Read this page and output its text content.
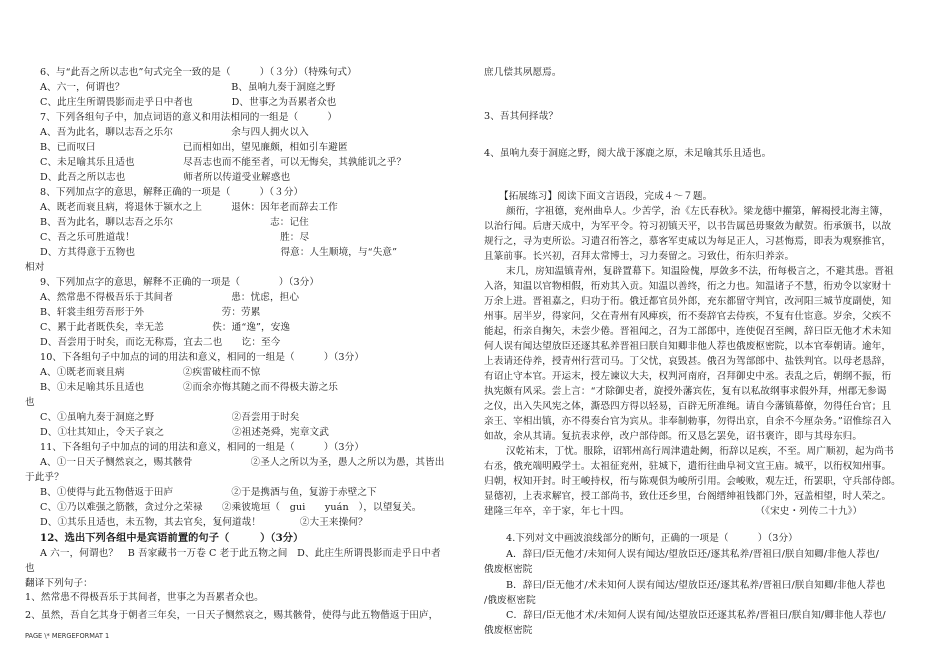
6、与“此吾之所以志也”句式完全一致的是（　　　）（３分）（特殊句式）
A、六一，何谓也？　　　　　　　　　　　B、虽响九奏于洞庭之野
C、此庄生所谓畏影而走乎日中者也　　　　D、世事之为吾累者众也
7、下列各组句子中，加点词语的意义和用法相同的一组是（　　　）
A、吾为此名，聊以志吾之乐尔　　　　　　余与四人拥火以入
B、已而叹曰　　　　　　　　　已而相如出，望见廉颇，相如引车避匿
C、未足喻其乐且适也　　　　　尽吾志也而不能至者，可以无悔矣，其孰能讥之乎？
D、此吾之所以志也　　　　　　师者所以传道受业解惑也
8、下列加点字的意思，解释正确的一项是（　　　）（３分）
A、既老而衰且病，将退休于颍水之上　　　退休：因年老而辞去工作
B、吾为此名，聊以志吾之乐尔　　　　　　　　　　志：记住
C、吾之乐可胜道哉！　　　　　　　　　　　　　　　胜：尽
D、方其得意于五物也　　　　　　　　　　　　　　　得意：人生顺境，与“失意”
相对
9、下列加点字的意思，解释不正确的一项是（　　　　）（3分）
A、然常患不得极吾乐于其间者　　　　　　患：忧虑，担心
B、轩裳圭组劳吾形于外　　　　　　　　劳：劳累
C、累于此者既佚矣，幸无恙　　　　　佚：通“逸”，安逸
D、吾尝用于时矣，而讫无称焉，宜去二也　　讫：至今
10、下各组句子中加点的词的用法和意义，相同的一组是（　　　）（3分）
A、①既老而衰且病　　　　　　②疾雷破柱而不惊
B、①未足喻其乐且适也　　　　②而余亦悔其随之而不得极夫游之乐
也
C、①虽响九奏于洞庭之野　　　　　　　　②吾尝用于时矣
D、①壮其知止，令天子哀之　　　　　　　②祖述尧舜，宪章文武
11、下各组句子中加点的词的用法和意义，相同的一组是（　　　）（3分）
A、①一日天子恻然哀之，赐其骸骨　　　　　　②圣人之所以为圣，愚人之所以为愚，其皆出
于此乎？
B、①使得与此五物偕返于田庐　　　　　　②于是携酒与鱼，复游于赤壁之下
C、①乃以难强之筋骸，贪过分之荣禄　　②乘彼垝垣（　gui　　yuán　），以望复关。
D、①其乐且适也，未五物，其去官矣，复何道哉！　　　　②大王来操何？
12、选出下列各组中是宾语前置的句子（　　　）（3分）
A 六一，何谓也？　B 吾家藏书一万卷 C 老于此五物之间　D、此庄生所谓畏影而走乎日中者
也
翻译下列句子：
1、然常患不得极吾乐于其间者，世事之为吾累者众也。
2、虽然，吾自乞其身于朝者三年矣，一日天子恻然哀之，赐其骸骨，使得与此五物偕返于田庐，
庶几偿其夙愿焉。
3、吾其何择哉？
4、虽响九奏于洞庭之野，阅大战于涿鹿之原，未足喻其乐且适也。
【拓展练习】阅读下面文言语段，完成４～７题。
颜衎，字祖德，兖州曲阜人。少苦学，治《左氏春秋》。梁龙德中擢第，解褐授北海主簿，
以治行闻。后唐天成中，为军平令。符习初镇天平，以书告属邑毋聚敛为献贺。衎承颁书，以故
规行之，寻为吏所讼。习遣召衎答之，慕客军吏咸以为每足正人，习甚悔焉，即表为观察推官，
且篆前事。长兴初，召拜太常博士，习力奏留之。习致仕，衎东归养亲。
末几，房知温镇青州，复辟置幕下。知温险傀，厚敛多不法，衎每极言之，不避其患。晋祖
入洛，知温以官物相假，衎劝其入贡。知温以善终，衎之力也。知温诸子不慧，衎劝令以家财十
万余上进。晋祖嘉之，归功于衎。俄迁都官员外郎，充东都留守判官，改河阳三城节度副使，知
州事。居半岁，得家问，父在青州有风痺疾，衎不奏辞官去侍疾，不复有仕宦意。岁余，父疾不
能起，衎亲自掬矢，未尝少倦。晋祖闻之，召为工部郎中，连使促召至阙，辞曰臣无他才术未知
何人误有闻达望放臣还逐其私养晋祖曰朕自知卿非他人荐也俄废枢密院，以本官奉朝请。逾年，
上表请还侍养，授青州行营司马。丁父忧，哀毁甚。俄召为驾部郎中、盐铁判官。以母老恳辞，
有诏止守本官。开运末，授左谏议大夫，权判河南府，召拜御史中丞。表乱之后，朝纲不振，衎
执宪颇有风采。尝上言：“才除御史者，旋授外藩宾佐，复有以私故纲事求假外拜，州郡无参谒
之仪，出入失风宪之体，澌恐四方得以轻易，百辟无所准绳。请自今藩镇幕僚，勿得任台官；且
亲王、宰相出镇，亦不得奏台官为宾从。非奉制勅事，勿得出京，自余不今厘杂务。”诏惟综召入
如故，余从其请。复抗表求停，改户部侍郎。衎又恳乞罢免，诏书褒许，即与其母东归。
汉乾祐末，丁忧。服除，诏郓州高行周津遣赴阙，衎辞以足疾，不至。周广顺初，起为尚书
右丞，俄充端明殿学士。太祖征兖州，驻城下，遣衎往曲阜祠文宣王庙。城平，以衎权知州事。
归朝，权知开封。时王峻持权，衎与陈观俱为峻所引用。会峻败，观左迁，衎罢职，守兵部侍郎。
显德初，上表求解官，授工部尚书，致仕还乡里，台阁缙绅祖钱都门外，冠盖相望，时人荣之。
建隆三年卒，辛于家，年七十四。　　　　　　　　　　　　　　（《宋史・列传二十九》）
4.下列对文中画波浪线部分的断句，正确的一项是（　　　）（3分）
A．辞曰/臣无他才/未知何人误有闻达/望放臣还/逐其私养/晋祖曰/朕自知卿/非他人荐也/
俄废枢密院
B．辞曰/臣无他才/术未知何人误有闻达/望放臣还/逐其私养/晋祖曰/朕自知卿/非他人荐也
/俄废枢密院
C．辞曰/臣无他才术/未知何人误有闻/达望放臣还逐其私养/晋祖曰/朕自知/卿非他人荐也/
俄废枢密院
PAGE \* MERGEFORMAT 1
